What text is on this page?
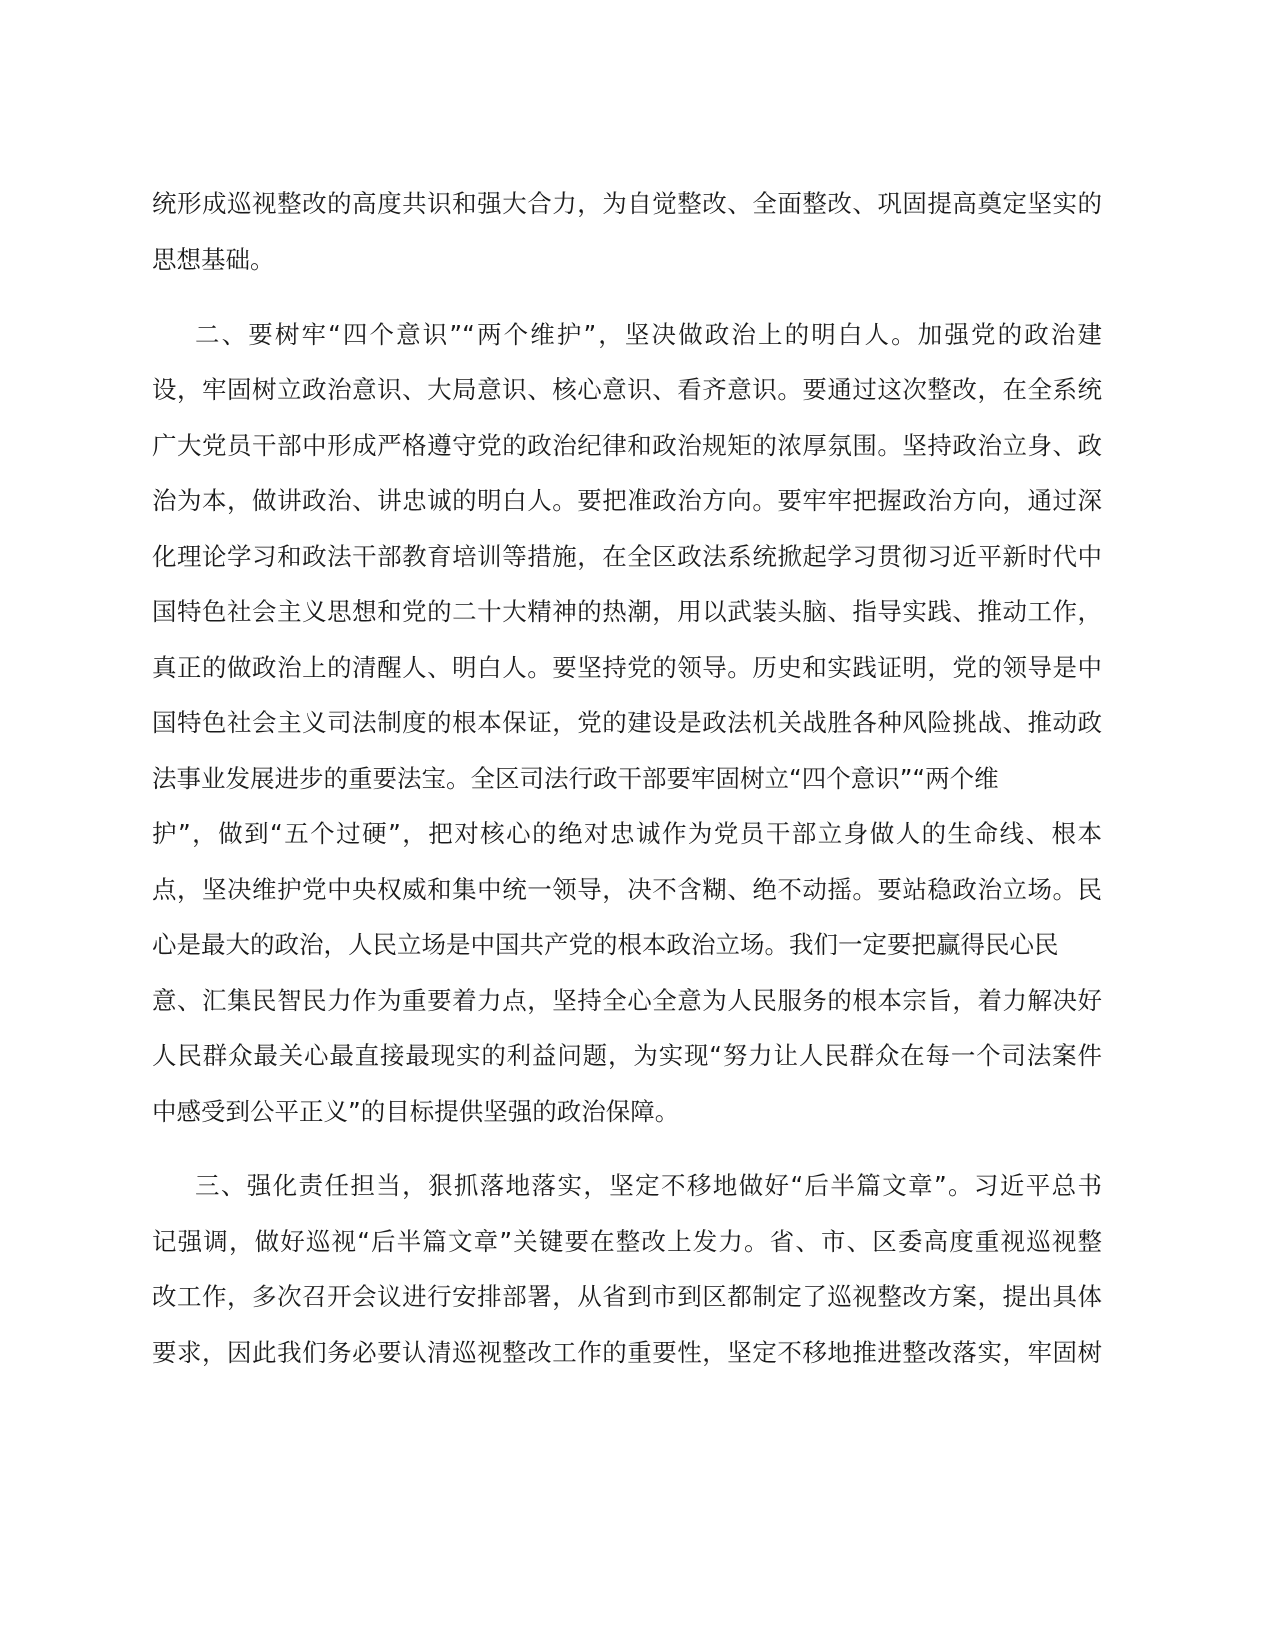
统形成巡视整改的高度共识和强大合力，为自觉整改、全面整改、巩固提高奠定坚实的
思想基础。
二、要树牢“四个意识”“两个维护”，坚决做政治上的明白人。加强党的政治建
设，牢固树立政治意识、大局意识、核心意识、看齐意识。要通过这次整改，在全系统
广大党员干部中形成严格遵守党的政治纪律和政治规矩的浓厚氛围。坚持政治立身、政
治为本，做讲政治、讲忠诚的明白人。要把准政治方向。要牢牢把握政治方向，通过深
化理论学习和政法干部教育培训等措施，在全区政法系统掀起学习贯彻习近平新时代中
国特色社会主义思想和党的二十大精神的热潮，用以武装头脑、指导实践、推动工作，
真正的做政治上的清醒人、明白人。要坚持党的领导。历史和实践证明，党的领导是中
国特色社会主义司法制度的根本保证，党的建设是政法机关战胜各种风险挑战、推动政
法事业发展进步的重要法宝。全区司法行政干部要牢固树立“四个意识”“两个维
护”，做到“五个过硬”，把对核心的绝对忠诚作为党员干部立身做人的生命线、根本
点，坚决维护党中央权威和集中统一领导，决不含糊、绝不动摇。要站稳政治立场。民
心是最大的政治，人民立场是中国共产党的根本政治立场。我们一定要把赢得民心民
意、汇集民智民力作为重要着力点，坚持全心全意为人民服务的根本宗旨，着力解决好
人民群众最关心最直接最现实的利益问题，为实现“努力让人民群众在每一个司法案件
中感受到公平正义”的目标提供坚强的政治保障。
三、强化责任担当，狠抓落地落实，坚定不移地做好“后半篇文章”。习近平总书
记强调，做好巡视“后半篇文章”关键要在整改上发力。省、市、区委高度重视巡视整
改工作，多次召开会议进行安排部署，从省到市到区都制定了巡视整改方案，提出具体
要求，因此我们务必要认清巡视整改工作的重要性，坚定不移地推进整改落实，牢固树
